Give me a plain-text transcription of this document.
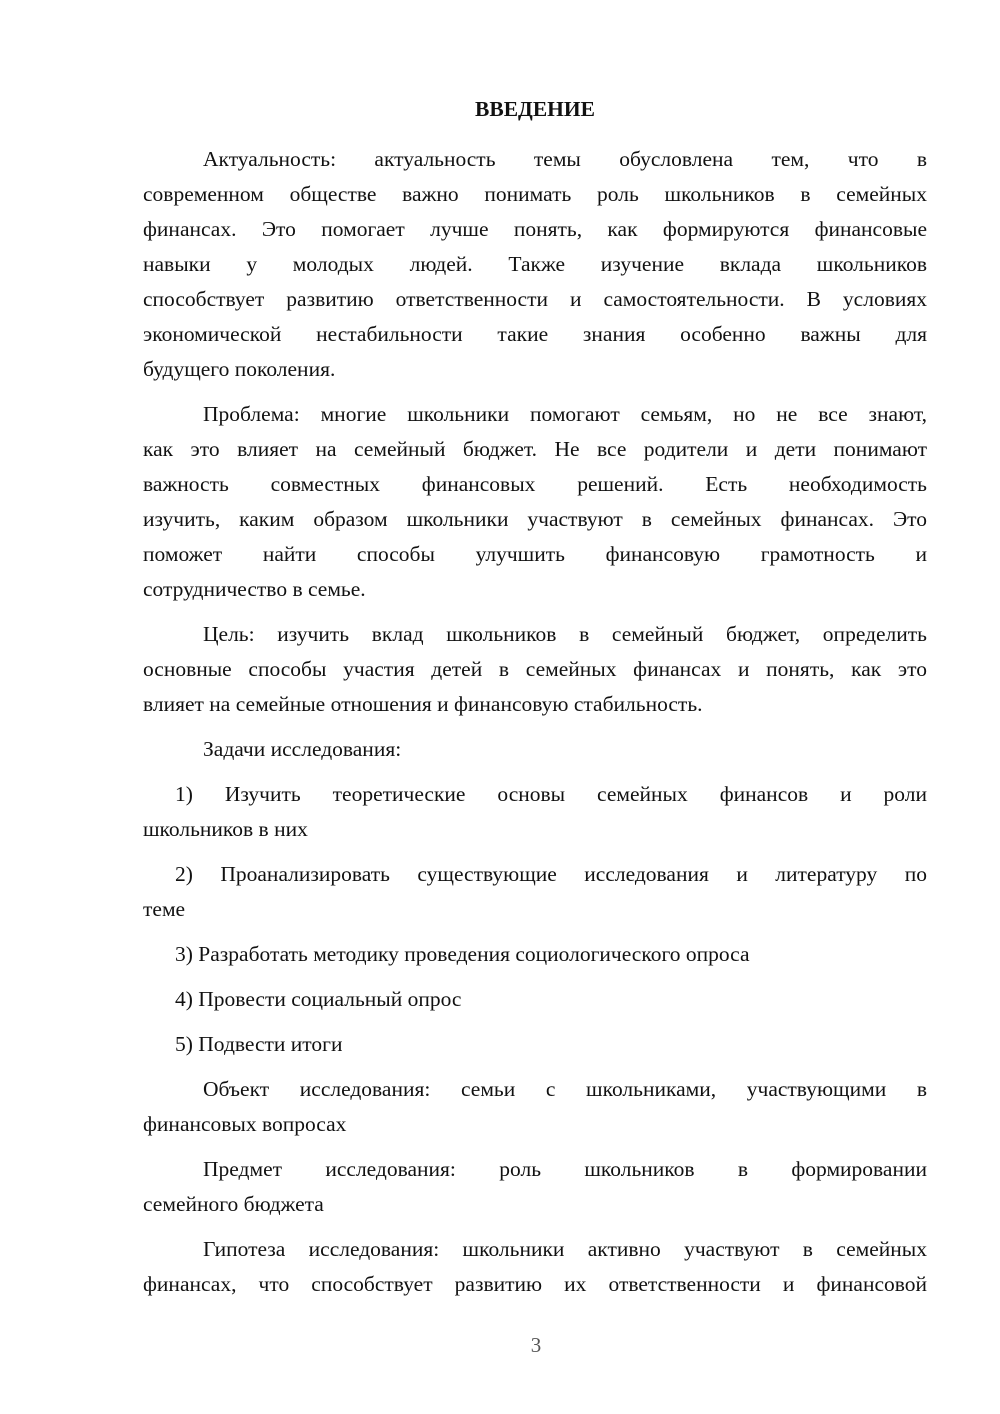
ВВЕДЕНИЕ
Актуальность: актуальность темы обусловлена тем, что в
современном обществе важно понимать роль школьников в семейных
финансах. Это помогает лучше понять, как формируются финансовые
навыки у молодых людей. Также изучение вклада школьников
способствует развитию ответственности и самостоятельности. В условиях
экономической нестабильности такие знания особенно важны для
будущего поколения.
Проблема: многие школьники помогают семьям, но не все знают,
как это влияет на семейный бюджет. Не все родители и дети понимают
важность совместных финансовых решений. Есть необходимость
изучить, каким образом школьники участвуют в семейных финансах. Это
поможет найти способы улучшить финансовую грамотность и
сотрудничество в семье.
Цель: изучить вклад школьников в семейный бюджет, определить
основные способы участия детей в семейных финансах и понять, как это
влияет на семейные отношения и финансовую стабильность.
Задачи исследования:
1) Изучить теоретические основы семейных финансов и роли
школьников в них
2) Проанализировать существующие исследования и литературу по
теме
3) Разработать методику проведения социологического опроса
4) Провести социальный опрос
5) Подвести итоги
Объект исследования: семьи с школьниками, участвующими в
финансовых вопросах
Предмет исследования: роль школьников в формировании
семейного бюджета
Гипотеза исследования: школьники активно участвуют в семейных
финансах, что способствует развитию их ответственности и финансовой
3
